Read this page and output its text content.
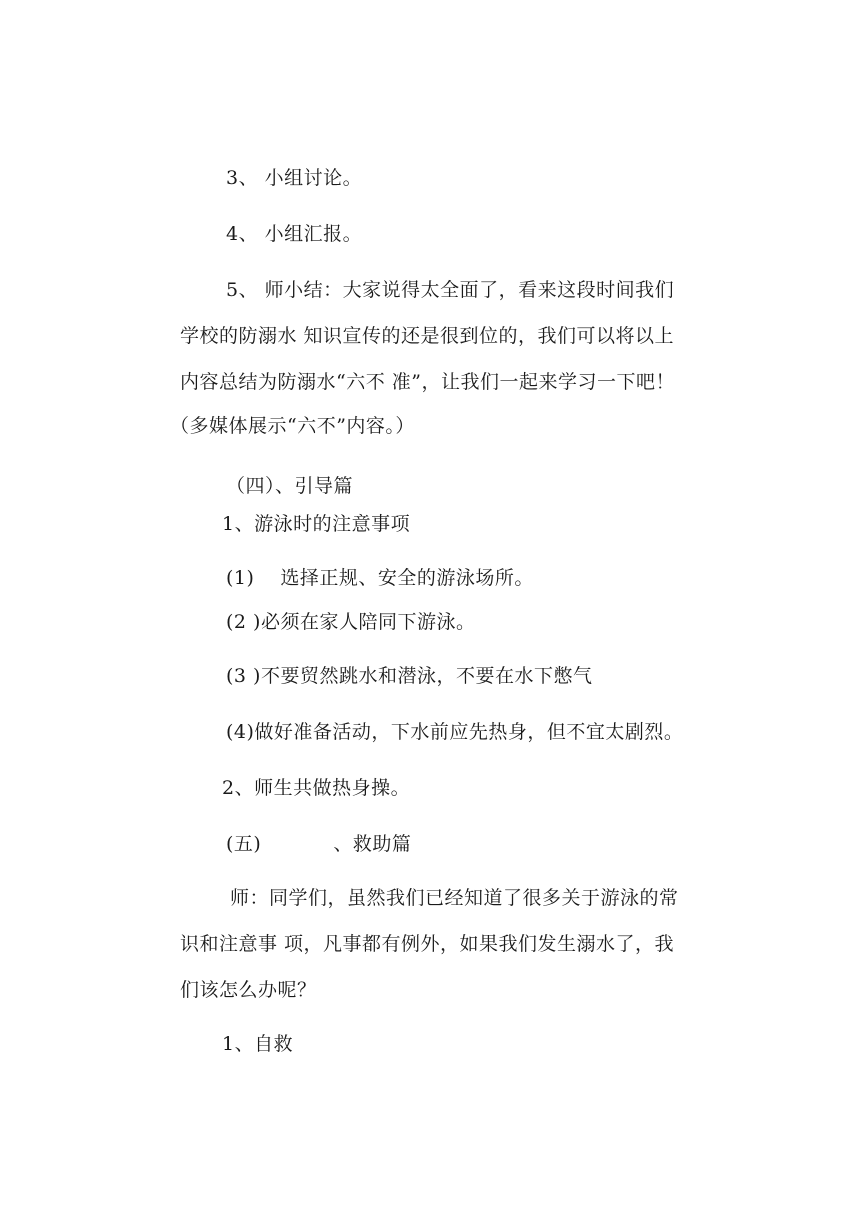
3、 小组讨论。
4、 小组汇报。
5、 师小结：大家说得太全面了，看来这段时间我们
学校的防溺水 知识宣传的还是很到位的，我们可以将以上
内容总结为防溺水“六不 准”，让我们一起来学习一下吧！
（多媒体展示“六不”内容。）
（四）、引导篇
1、游泳时的注意事项
(1) 选择正规、安全的游泳场所。
(2 )必须在家人陪同下游泳。
(3 )不要贸然跳水和潜泳，不要在水下憋气
(4)做好准备活动，下水前应先热身，但不宜太剧烈。
2、师生共做热身操。
(五)	、救助篇
师：同学们，虽然我们已经知道了很多关于游泳的常
识和注意事 项，凡事都有例外，如果我们发生溺水了，我
们该怎么办呢？
1、自救
